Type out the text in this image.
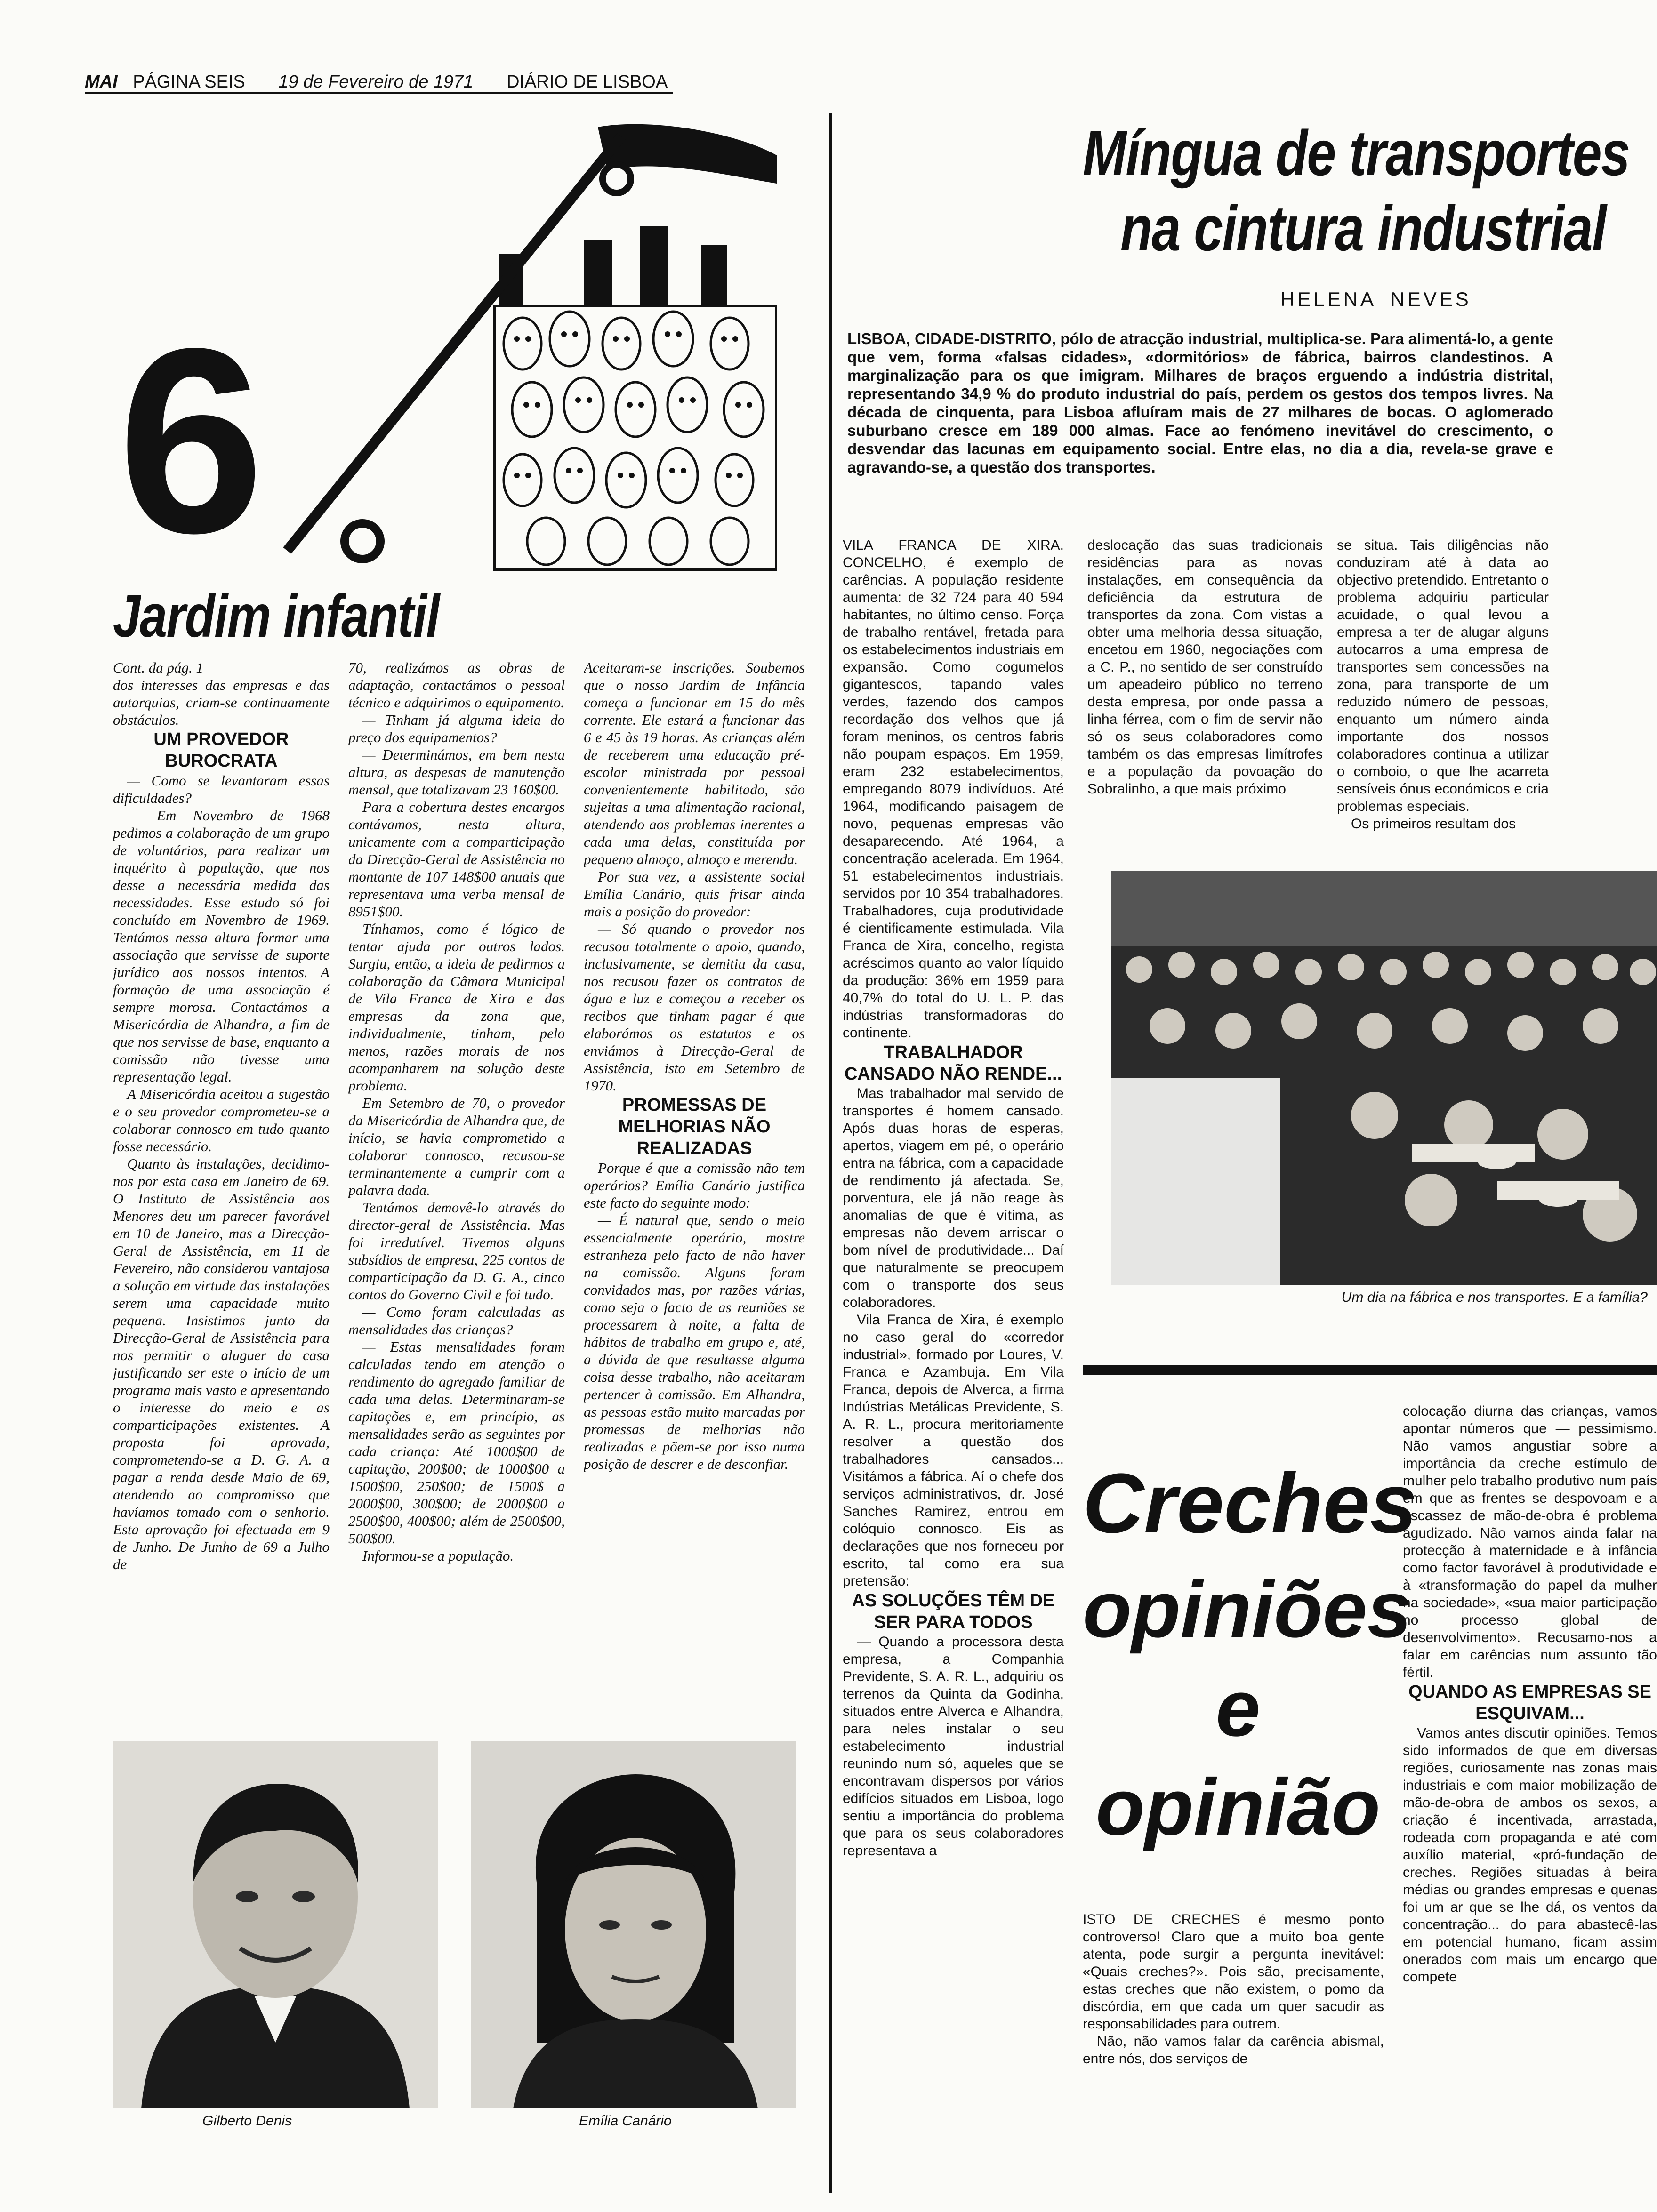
MAI PÁGINA SEIS 19 de Fevereiro de 1971 DIÁRIO DE LISBOA
6
Jardim infantil

Cont. da pág. 1

dos interesses das empresas e das autarquias, criam-se continuamente obstáculos.

UM PROVEDOR BUROCRATA

— Como se levantaram essas dificuldades?

— Em Novembro de 1968 pedimos a colaboração de um grupo de voluntários, para realizar um inquérito à população, que nos desse a necessária medida das necessidades. Esse estudo só foi concluído em Novembro de 1969. Tentámos nessa altura formar uma associação que servisse de suporte jurídico aos nossos intentos. A formação de uma associação é sempre morosa. Contactámos a Misericórdia de Alhandra, a fim de que nos servisse de base, enquanto a comissão não tivesse uma representação legal.

A Misericórdia aceitou a sugestão e o seu provedor comprometeu-se a colaborar connosco em tudo quanto fosse necessário.

Quanto às instalações, decidimo-nos por esta casa em Janeiro de 69. O Instituto de Assistência aos Menores deu um parecer favorável em 10 de Janeiro, mas a Direcção-Geral de Assistência, em 11 de Fevereiro, não considerou vantajosa a solução em virtude das instalações serem uma capacidade muito pequena. Insistimos junto da Direcção-Geral de Assistência para nos permitir o aluguer da casa justificando ser este o início de um programa mais vasto e apresentando o interesse do meio e as comparticipações existentes. A proposta foi aprovada, comprometendo-se a D. G. A. a pagar a renda desde Maio de 69, atendendo ao compromisso que havíamos tomado com o senhorio. Esta aprovação foi efectuada em 9 de Junho. De Junho de 69 a Julho de

70, realizámos as obras de adaptação, contactámos o pessoal técnico e adquirimos o equipamento.

— Tinham já alguma ideia do preço dos equipamentos?

— Determinámos, em bem nesta altura, as despesas de manutenção mensal, que totalizavam 23 160$00.

Para a cobertura destes encargos contávamos, nesta altura, unicamente com a comparticipação da Direcção-Geral de Assistência no montante de 107 148$00 anuais que representava uma verba mensal de 8951$00.

Tínhamos, como é lógico de tentar ajuda por outros lados. Surgiu, então, a ideia de pedirmos a colaboração da Câmara Municipal de Vila Franca de Xira e das empresas da zona que, individualmente, tinham, pelo menos, razões morais de nos acompanharem na solução deste problema.

Em Setembro de 70, o provedor da Misericórdia de Alhandra que, de início, se havia comprometido a colaborar connosco, recusou-se terminantemente a cumprir com a palavra dada.

Tentámos demovê-lo através do director-geral de Assistência. Mas foi irredutível. Tivemos alguns subsídios de empresa, 225 contos de comparticipação da D. G. A., cinco contos do Governo Civil e foi tudo.

— Como foram calculadas as mensalidades das crianças?

— Estas mensalidades foram calculadas tendo em atenção o rendimento do agregado familiar de cada uma delas. Determinaram-se capitações e, em princípio, as mensalidades serão as seguintes por cada criança: Até 1000$00 de capitação, 200$00; de 1000$00 a 1500$00, 250$00; de 1500$ a 2000$00, 300$00; de 2000$00 a 2500$00, 400$00; além de 2500$00, 500$00.

Informou-se a população.

Aceitaram-se inscrições. Soubemos que o nosso Jardim de Infância começa a funcionar em 15 do mês corrente. Ele estará a funcionar das 6 e 45 às 19 horas. As crianças além de receberem uma educação pré-escolar ministrada por pessoal convenientemente habilitado, são sujeitas a uma alimentação racional, atendendo aos problemas inerentes a cada uma delas, constituída por pequeno almoço, almoço e merenda.

Por sua vez, a assistente social Emília Canário, quis frisar ainda mais a posição do provedor:

— Só quando o provedor nos recusou totalmente o apoio, quando, inclusivamente, se demitiu da casa, nos recusou fazer os contratos de água e luz e começou a receber os recibos que tinham pagar é que elaborámos os estatutos e os enviámos à Direcção-Geral de Assistência, isto em Setembro de 1970.

PROMESSAS DE MELHORIAS NÃO REALIZADAS

Porque é que a comissão não tem operários? Emília Canário justifica este facto do seguinte modo:

— É natural que, sendo o meio essencialmente operário, mostre estranheza pelo facto de não haver na comissão. Alguns foram convidados mas, por razões várias, como seja o facto de as reuniões se processarem à noite, a falta de hábitos de trabalho em grupo e, até, a dúvida de que resultasse alguma coisa desse trabalho, não aceitaram pertencer à comissão. Em Alhandra, as pessoas estão muito marcadas por promessas de melhorias não realizadas e põem-se por isso numa posição de descrer e de desconfiar.

Gilberto Denis	Emília Canário
Míngua de transportes
na cintura industrial
HELENA NEVES
LISBOA, CIDADE-DISTRITO, pólo de atracção industrial, multiplica-se. Para alimentá-lo, a gente que vem, forma «falsas cidades», «dormitórios» de fábrica, bairros clandestinos. A marginalização para os que imigram. Milhares de braços erguendo a indústria distrital, representando 34,9 % do produto industrial do país, perdem os gestos dos tempos livres. Na década de cinquenta, para Lisboa afluíram mais de 27 milhares de bocas. O aglomerado suburbano cresce em 189 000 almas. Face ao fenómeno inevitável do crescimento, o desvendar das lacunas em equipamento social. Entre elas, no dia a dia, revela-se grave e agravando-se, a questão dos transportes.

VILA FRANCA DE XIRA. CONCELHO, é exemplo de carências. A população residente aumenta: de 32 724 para 40 594 habitantes, no último censo. Força de trabalho rentável, fretada para os estabelecimentos industriais em expansão. Como cogumelos gigantescos, tapando vales verdes, fazendo dos campos recordação dos velhos que já foram meninos, os centros fabris não poupam espaços. Em 1959, eram 232 estabelecimentos, empregando 8079 indivíduos. Até 1964, modificando paisagem de novo, pequenas empresas vão desaparecendo. Até 1964, a concentração acelerada. Em 1964, 51 estabelecimentos industriais, servidos por 10 354 trabalhadores. Trabalhadores, cuja produtividade é cientificamente estimulada. Vila Franca de Xira, concelho, regista acréscimos quanto ao valor líquido da produção: 36% em 1959 para 40,7% do total do U. L. P. das indústrias transformadoras do continente.

TRABALHADOR CANSADO NÃO RENDE...

Mas trabalhador mal servido de transportes é homem cansado. Após duas horas de esperas, apertos, viagem em pé, o operário entra na fábrica, com a capacidade de rendimento já afectada. Se, porventura, ele já não reage às anomalias de que é vítima, as empresas não devem arriscar o bom nível de produtividade... Daí que naturalmente se preocupem com o transporte dos seus colaboradores.

Vila Franca de Xira, é exemplo no caso geral do «corredor industrial», formado por Loures, V. Franca e Azambuja. Em Vila Franca, depois de Alverca, a firma Indústrias Metálicas Previdente, S. A. R. L., procura meritoriamente resolver a questão dos trabalhadores cansados... Visitámos a fábrica. Aí o chefe dos serviços administrativos, dr. José Sanches Ramirez, entrou em colóquio connosco. Eis as declarações que nos forneceu por escrito, tal como era sua pretensão:

AS SOLUÇÕES TÊM DE SER PARA TODOS

— Quando a processora desta empresa, a Companhia Previdente, S. A. R. L., adquiriu os terrenos da Quinta da Godinha, situados entre Alverca e Alhandra, para neles instalar o seu estabelecimento industrial reunindo num só, aqueles que se encontravam dispersos por vários edifícios situados em Lisboa, logo sentiu a importância do problema que para os seus colaboradores representava a

deslocação das suas tradicionais residências para as novas instalações, em consequência da deficiência da estrutura de transportes da zona. Com vistas a obter uma melhoria dessa situação, encetou em 1960, negociações com a C. P., no sentido de ser construído um apeadeiro público no terreno desta empresa, por onde passa a linha férrea, com o fim de servir não só os seus colaboradores como também os das empresas limítrofes e a população da povoação do Sobralinho, a que mais próximo

se situa. Tais diligências não conduziram até à data ao objectivo pretendido. Entretanto o problema adquiriu particular acuidade, o qual levou a empresa a ter de alugar alguns autocarros a uma empresa de transportes sem concessões na zona, para transporte de um reduzido número de pessoas, enquanto um número ainda importante dos nossos colaboradores continua a utilizar o comboio, o que lhe acarreta sensíveis ónus económicos e cria problemas especiais.

Os primeiros resultam dos

Um dia na fábrica e nos transportes. E a família?
Creches
opiniões
e
opinião

ISTO DE CRECHES é mesmo ponto controverso! Claro que a muito boa gente atenta, pode surgir a pergunta inevitável: «Quais creches?». Pois são, precisamente, estas creches que não existem, o pomo da discórdia, em que cada um quer sacudir as responsabilidades para outrem.

Não, não vamos falar da carência abismal, entre nós, dos serviços de

colocação diurna das crianças, vamos apontar números que — pessimismo. Não vamos angustiar sobre a importância da creche estímulo de mulher pelo trabalho produtivo num país em que as frentes se despovoam e a escassez de mão-de-obra é problema agudizado. Não vamos ainda falar na protecção à maternidade e à infância como factor favorável à produtividade e à «transformação do papel da mulher na sociedade», «sua maior participação no processo global de desenvolvimento». Recusamo-nos a falar em carências num assunto tão fértil.

QUANDO AS EMPRESAS SE ESQUIVAM...

Vamos antes discutir opiniões. Temos sido informados de que em diversas regiões, curiosamente nas zonas mais industriais e com maior mobilização de mão-de-obra de ambos os sexos, a criação é incentivada, arrastada, rodeada com propaganda e até com auxílio material, «pró-fundação de creches. Regiões situadas à beira médias ou grandes empresas e quenas foi um ar que se lhe dá, os ventos da concentração... do para abastecê-las em potencial humano, ficam assim onerados com mais um encargo que compete
